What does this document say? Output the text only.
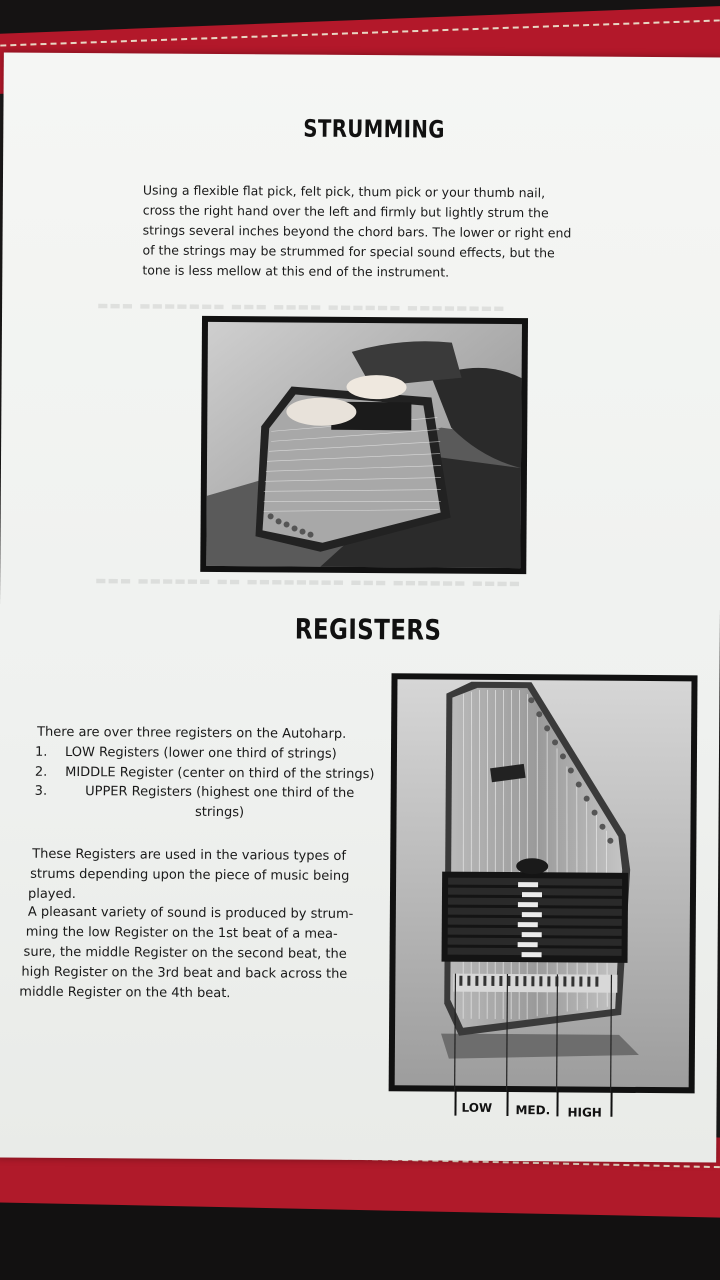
▬▬▬ ▬▬▬▬▬▬▬ ▬▬▬ ▬▬▬▬ ▬▬▬▬▬▬ ▬▬▬▬▬▬▬▬
▬▬▬ ▬▬▬▬▬▬ ▬▬ ▬▬▬▬▬▬▬▬ ▬▬▬ ▬▬▬▬▬▬ ▬▬▬▬
STRUMMING

Using a flexible flat pick, felt pick, thum pick or your thumb nail,

cross the right hand over the left and firmly but lightly strum the

strings several inches beyond the chord bars. The lower or right end

of the strings may be strummed for special sound effects, but the

tone is less mellow at this end of the instrument.

REGISTERS

There are over three registers on the Autoharp.

1.	LOW Registers (lower one third of strings)
2.	MIDDLE Register (center on third of the strings)
3.	UPPER Registers (highest one third of the strings)

These Registers are used in the various types of

strums depending upon the piece of music being

played.

A pleasant variety of sound is produced by strum-

ming the low Register on the 1st beat of a mea-

sure, the middle Register on the second beat, the

high Register on the 3rd beat and back across the

middle Register on the 4th beat.

LOW MED. HIGH
